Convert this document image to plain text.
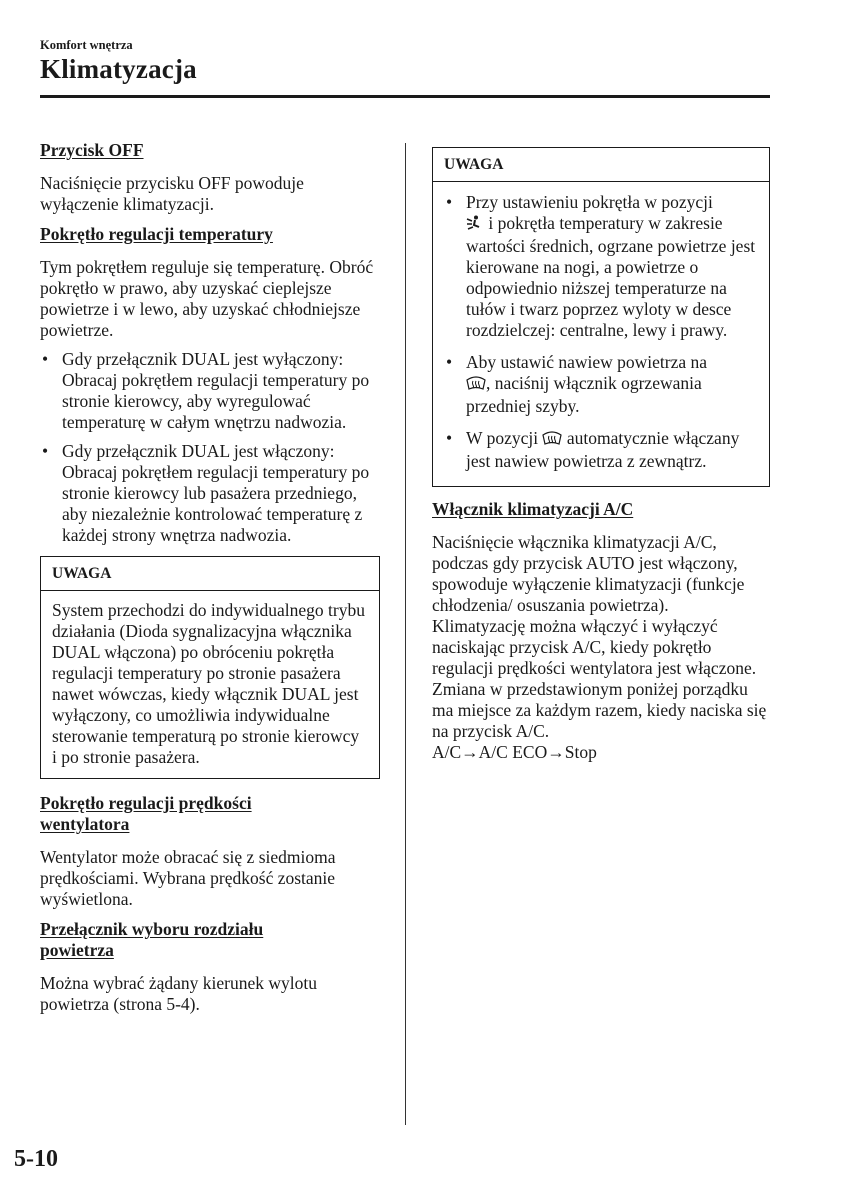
Komfort wnętrza
Klimatyzacja

Przycisk OFF

Naciśnięcie przycisku OFF powoduje wyłączenie klimatyzacji.

Pokrętło regulacji temperatury

Tym pokrętłem reguluje się temperaturę. Obróć pokrętło w prawo, aby uzyskać cieplejsze powietrze i w lewo, aby uzyskać chłodniejsze powietrze.

• Gdy przełącznik DUAL jest wyłączony: Obracaj pokrętłem regulacji temperatury po stronie kierowcy, aby wyregulować temperaturę w całym wnętrzu nadwozia.
• Gdy przełącznik DUAL jest włączony: Obracaj pokrętłem regulacji temperatury po stronie kierowcy lub pasażera przedniego, aby niezależnie kontrolować temperaturę z każdej strony wnętrza nadwozia.
UWAGA
System przechodzi do indywidualnego trybu działania (Dioda sygnalizacyjna włącznika DUAL włączona) po obróceniu pokrętła regulacji temperatury po stronie pasażera nawet wówczas, kiedy włącznik DUAL jest wyłączony, co umożliwia indywidualne sterowanie temperaturą po stronie kierowcy i po stronie pasażera.

Pokrętło regulacji prędkości
wentylatora

Wentylator może obracać się z siedmioma prędkościami. Wybrana prędkość zostanie wyświetlona.

Przełącznik wyboru rozdziału
powietrza

Można wybrać żądany kierunek wylotu powietrza (strona 5-4).

UWAGA
• Przy ustawieniu pokrętła w pozycji
i pokrętła temperatury w zakresie wartości średnich, ogrzane powietrze jest kierowane na nogi, a powietrze o odpowiednio niższej temperaturze na tułów i twarz poprzez wyloty w desce rozdzielczej: centralne, lewy i prawy.
• Aby ustawić nawiew powietrza na
, naciśnij włącznik ogrzewania przedniej szyby.
• W pozycji automatycznie włączany jest nawiew powietrza z zewnątrz.

Włącznik klimatyzacji A/C

Naciśnięcie włącznika klimatyzacji A/C, podczas gdy przycisk AUTO jest włączony, spowoduje wyłączenie klimatyzacji (funkcje chłodzenia/ osuszania powietrza).

Klimatyzację można włączyć i wyłączyć naciskając przycisk A/C, kiedy pokrętło regulacji prędkości wentylatora jest włączone.

Zmiana w przedstawionym poniżej porządku ma miejsce za każdym razem, kiedy naciska się na przycisk A/C.

A/C→A/C ECO→Stop

5-10
